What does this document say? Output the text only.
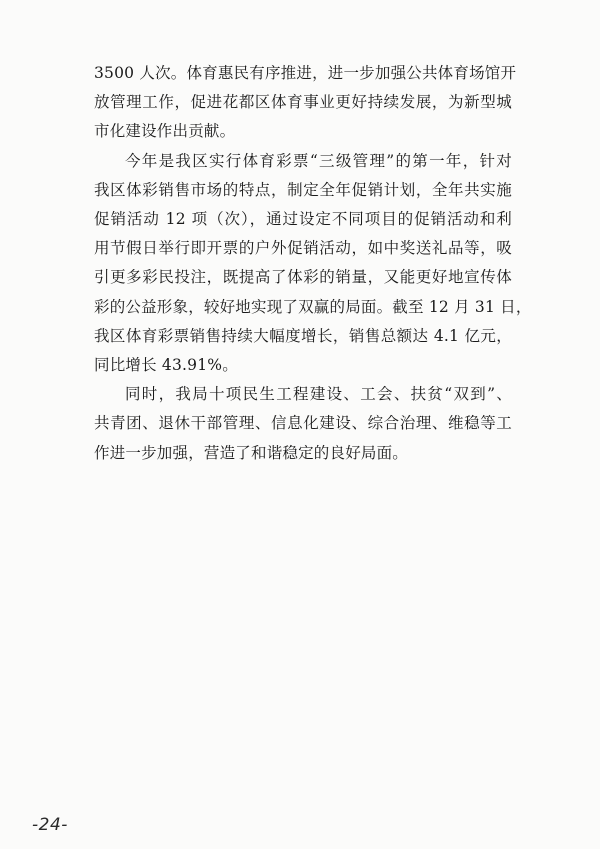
3500 人次。体育惠民有序推进，进一步加强公共体育场馆开
放管理工作，促进花都区体育事业更好持续发展，为新型城
市化建设作出贡献。

今年是我区实行体育彩票“三级管理”的第一年，针对
我区体彩销售市场的特点，制定全年促销计划，全年共实施
促销活动 12 项（次），通过设定不同项目的促销活动和利
用节假日举行即开票的户外促销活动，如中奖送礼品等，吸
引更多彩民投注，既提高了体彩的销量，又能更好地宣传体
彩的公益形象，较好地实现了双赢的局面。截至 12 月 31 日，
我区体育彩票销售持续大幅度增长，销售总额达 4.1 亿元，
同比增长 43.91%。

同时，我局十项民生工程建设、工会、扶贫“双到”、
共青团、退休干部管理、信息化建设、综合治理、维稳等工
作进一步加强，营造了和谐稳定的良好局面。

-24-
